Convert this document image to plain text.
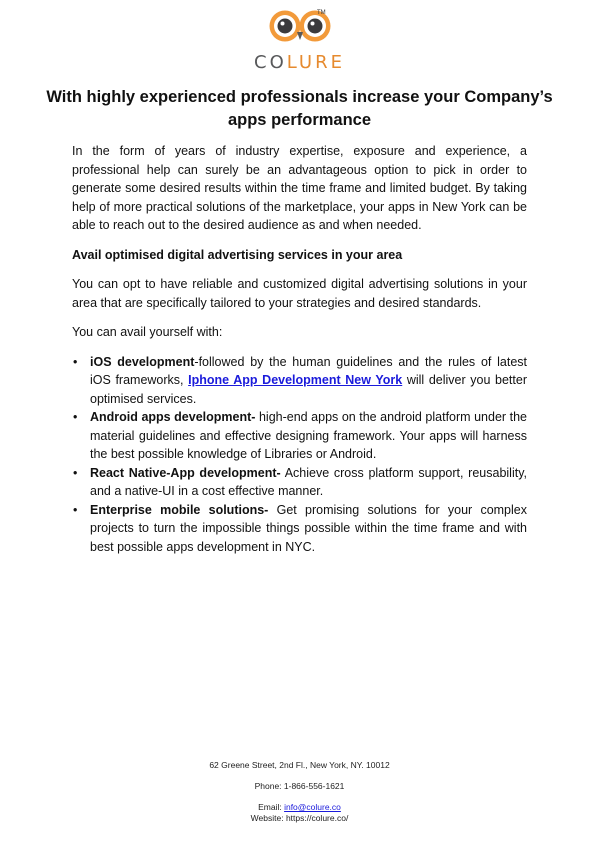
TM
COLURE
With highly experienced professionals increase your Company’s apps performance

In the form of years of industry expertise, exposure and experience, a professional help can surely be an advantageous option to pick in order to generate some desired results within the time frame and limited budget. By taking help of more practical solutions of the marketplace, your apps in New York can be able to reach out to the desired audience as and when needed.

Avail optimised digital advertising services in your area

You can opt to have reliable and customized digital advertising solutions in your area that are specifically tailored to your strategies and desired standards.

You can avail yourself with:

• iOS development-followed by the human guidelines and the rules of latest iOS frameworks, Iphone App Development New York will deliver you better optimised services.
• Android apps development- high-end apps on the android platform under the material guidelines and effective designing framework. Your apps will harness the best possible knowledge of Libraries or Android.
• React Native-App development- Achieve cross platform support, reusability, and a native-UI in a cost effective manner.
• Enterprise mobile solutions- Get promising solutions for your complex projects to turn the impossible things possible within the time frame and with best possible apps development in NYC.
62 Greene Street, 2nd Fl., New York, NY. 10012
Phone: 1-866-556-1621
Email: info@colure.co
Website: https://colure.co/
